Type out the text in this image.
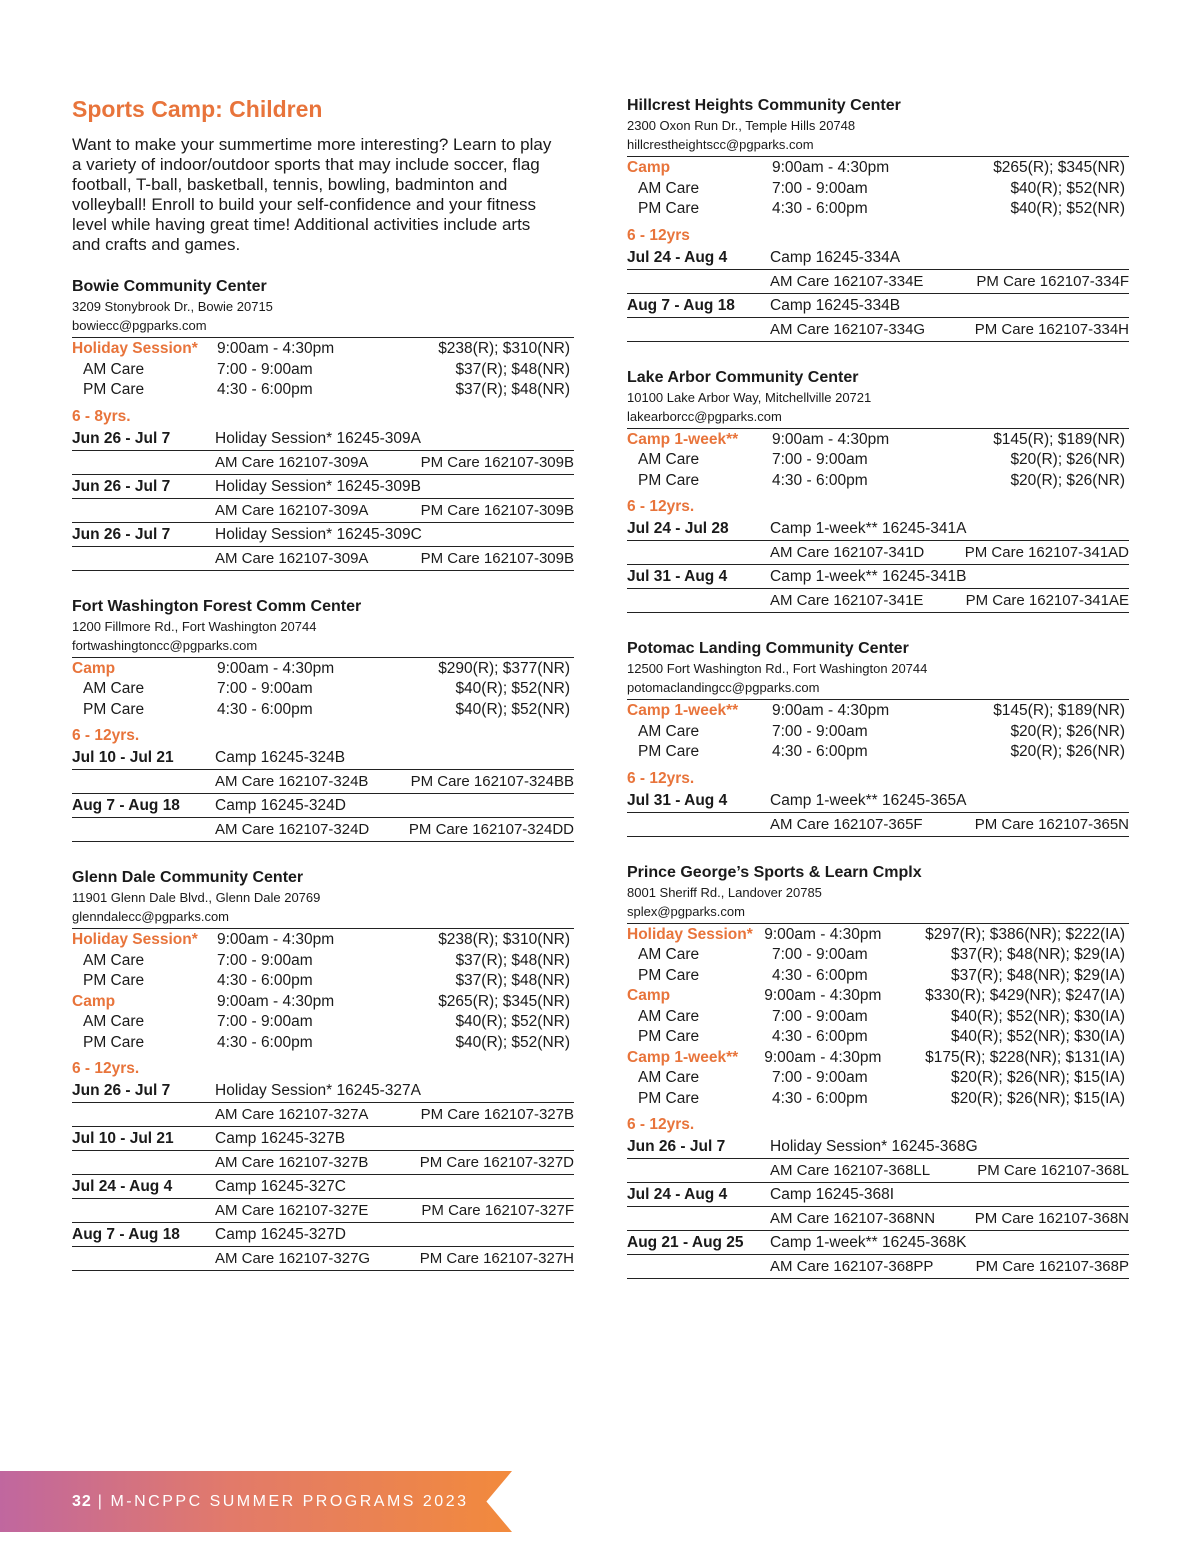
Sports Camp: Children

Want to make your summertime more interesting? Learn to play a variety of indoor/outdoor sports that may include soccer, flag football, T-ball, basketball, tennis, bowling, badminton and volleyball! Enroll to build your self-confidence and your fitness level while having great time! Additional activities include arts and crafts and games.

Bowie Community Center
3209 Stonybrook Dr., Bowie 20715
bowiecc@pgparks.com
Holiday Session*	9:00am - 4:30pm	$238(R); $310(NR)
AM Care	7:00 - 9:00am	$37(R); $48(NR)
PM Care	4:30 - 6:00pm	$37(R); $48(NR)
6 - 8yrs.
Jun 26 - Jul 7	Holiday Session* 16245-309A
AM Care 162107-309A	PM Care 162107-309B
Jun 26 - Jul 7	Holiday Session* 16245-309B
AM Care 162107-309A	PM Care 162107-309B
Jun 26 - Jul 7	Holiday Session* 16245-309C
AM Care 162107-309A	PM Care 162107-309B
Fort Washington Forest Comm Center
1200 Fillmore Rd., Fort Washington 20744
fortwashingtoncc@pgparks.com
Camp	9:00am - 4:30pm	$290(R); $377(NR)
AM Care	7:00 - 9:00am	$40(R); $52(NR)
PM Care	4:30 - 6:00pm	$40(R); $52(NR)
6 - 12yrs.
Jul 10 - Jul 21	Camp 16245-324B
AM Care 162107-324B	PM Care 162107-324BB
Aug 7 - Aug 18	Camp 16245-324D
AM Care 162107-324D	PM Care 162107-324DD
Glenn Dale Community Center
11901 Glenn Dale Blvd., Glenn Dale 20769
glenndalecc@pgparks.com
Holiday Session*	9:00am - 4:30pm	$238(R); $310(NR)
AM Care	7:00 - 9:00am	$37(R); $48(NR)
PM Care	4:30 - 6:00pm	$37(R); $48(NR)
Camp	9:00am - 4:30pm	$265(R); $345(NR)
AM Care	7:00 - 9:00am	$40(R); $52(NR)
PM Care	4:30 - 6:00pm	$40(R); $52(NR)
6 - 12yrs.
Jun 26 - Jul 7	Holiday Session* 16245-327A
AM Care 162107-327A	PM Care 162107-327B
Jul 10 - Jul 21	Camp 16245-327B
AM Care 162107-327B	PM Care 162107-327D
Jul 24 - Aug 4	Camp 16245-327C
AM Care 162107-327E	PM Care 162107-327F
Aug 7 - Aug 18	Camp 16245-327D
AM Care 162107-327G	PM Care 162107-327H
Hillcrest Heights Community Center
2300 Oxon Run Dr., Temple Hills 20748
hillcrestheightscc@pgparks.com
Camp	9:00am - 4:30pm	$265(R); $345(NR)
AM Care	7:00 - 9:00am	$40(R); $52(NR)
PM Care	4:30 - 6:00pm	$40(R); $52(NR)
6 - 12yrs
Jul 24 - Aug 4	Camp 16245-334A
AM Care 162107-334E	PM Care 162107-334F
Aug 7 - Aug 18	Camp 16245-334B
AM Care 162107-334G	PM Care 162107-334H
Lake Arbor Community Center
10100 Lake Arbor Way, Mitchellville 20721
lakearborcc@pgparks.com
Camp 1-week**	9:00am - 4:30pm	$145(R); $189(NR)
AM Care	7:00 - 9:00am	$20(R); $26(NR)
PM Care	4:30 - 6:00pm	$20(R); $26(NR)
6 - 12yrs.
Jul 24 - Jul 28	Camp 1-week** 16245-341A
AM Care 162107-341D	PM Care 162107-341AD
Jul 31 - Aug 4	Camp 1-week** 16245-341B
AM Care 162107-341E	PM Care 162107-341AE
Potomac Landing Community Center
12500 Fort Washington Rd., Fort Washington 20744
potomaclandingcc@pgparks.com
Camp 1-week**	9:00am - 4:30pm	$145(R); $189(NR)
AM Care	7:00 - 9:00am	$20(R); $26(NR)
PM Care	4:30 - 6:00pm	$20(R); $26(NR)
6 - 12yrs.
Jul 31 - Aug 4	Camp 1-week** 16245-365A
AM Care 162107-365F	PM Care 162107-365N
Prince George’s Sports & Learn Cmplx
8001 Sheriff Rd., Landover 20785
splex@pgparks.com
Holiday Session* 9:00am - 4:30pm	$297(R); $386(NR); $222(IA)
AM Care	7:00 - 9:00am	$37(R); $48(NR); $29(IA)
PM Care	4:30 - 6:00pm	$37(R); $48(NR); $29(IA)
Camp	9:00am - 4:30pm	$330(R); $429(NR); $247(IA)
AM Care	7:00 - 9:00am	$40(R); $52(NR); $30(IA)
PM Care	4:30 - 6:00pm	$40(R); $52(NR); $30(IA)
Camp 1-week**	9:00am - 4:30pm	$175(R); $228(NR); $131(IA)
AM Care	7:00 - 9:00am	$20(R); $26(NR); $15(IA)
PM Care	4:30 - 6:00pm	$20(R); $26(NR); $15(IA)
6 - 12yrs.
Jun 26 - Jul 7	Holiday Session* 16245-368G
AM Care 162107-368LL	PM Care 162107-368L
Jul 24 - Aug 4	Camp 16245-368I
AM Care 162107-368NN	PM Care 162107-368N
Aug 21 - Aug 25	Camp 1-week** 16245-368K
AM Care 162107-368PP	PM Care 162107-368P
32 | M-NCPPC SUMMER PROGRAMS 2023
